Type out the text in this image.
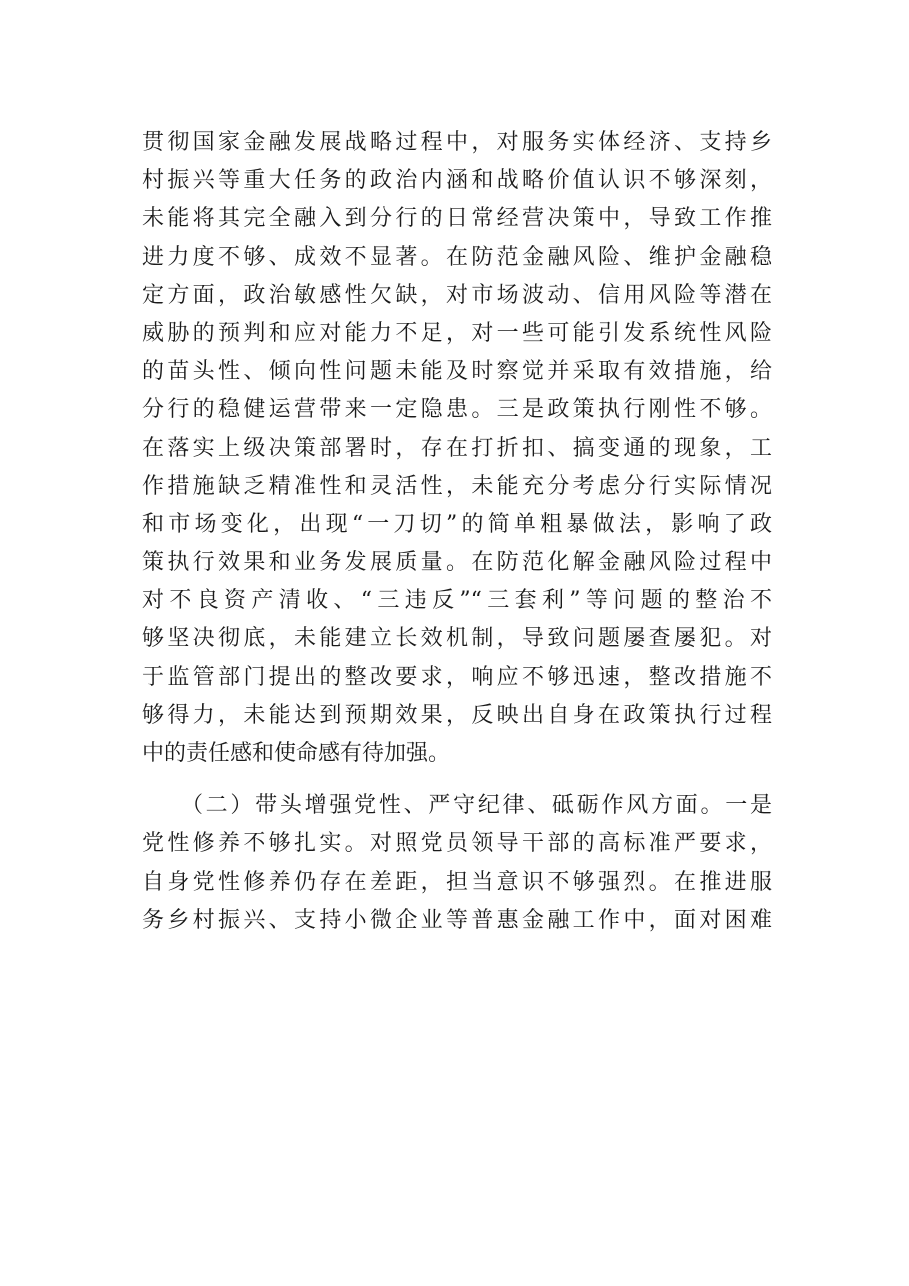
贯彻国家金融发展战略过程中，对服务实体经济、支持乡
村振兴等重大任务的政治内涵和战略价值认识不够深刻，
未能将其完全融入到分行的日常经营决策中，导致工作推
进力度不够、成效不显著。在防范金融风险、维护金融稳
定方面，政治敏感性欠缺，对市场波动、信用风险等潜在
威胁的预判和应对能力不足，对一些可能引发系统性风险
的苗头性、倾向性问题未能及时察觉并采取有效措施，给
分行的稳健运营带来一定隐患。三是政策执行刚性不够。
在落实上级决策部署时，存在打折扣、搞变通的现象，工
作措施缺乏精准性和灵活性，未能充分考虑分行实际情况
和市场变化，出现“一刀切”的简单粗暴做法，影响了政
策执行效果和业务发展质量。在防范化解金融风险过程中
对不良资产清收、“三违反”“三套利”等问题的整治不
够坚决彻底，未能建立长效机制，导致问题屡查屡犯。对
于监管部门提出的整改要求，响应不够迅速，整改措施不
够得力，未能达到预期效果，反映出自身在政策执行过程
中的责任感和使命感有待加强。
（二）带头增强党性、严守纪律、砥砺作风方面。一是
党性修养不够扎实。对照党员领导干部的高标准严要求，
自身党性修养仍存在差距，担当意识不够强烈。在推进服
务乡村振兴、支持小微企业等普惠金融工作中，面对困难
